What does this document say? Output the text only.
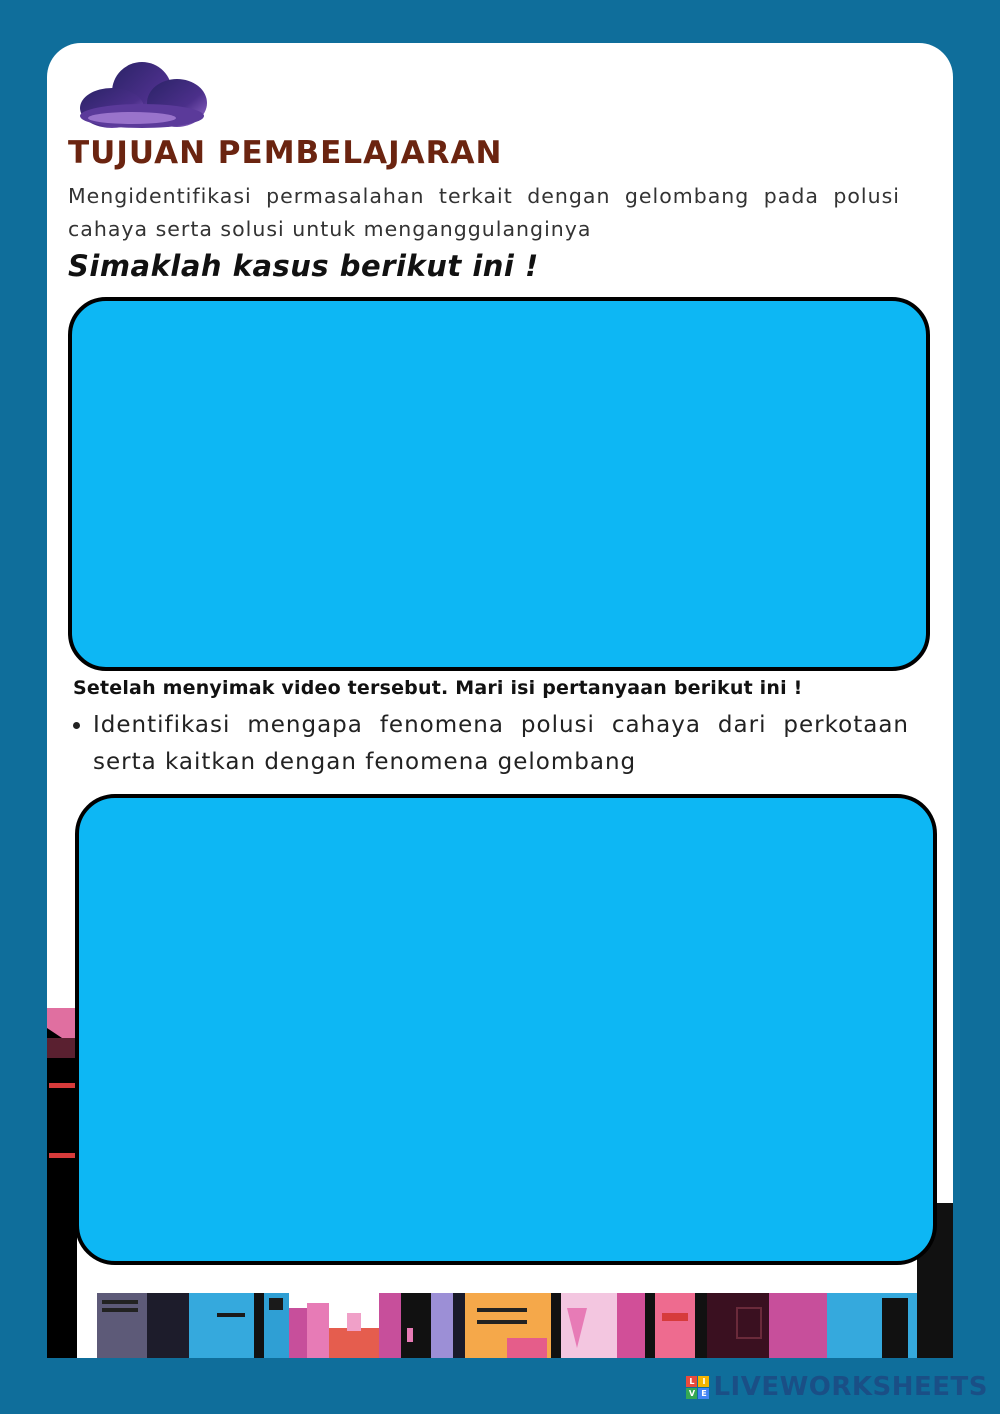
TUJUAN PEMBELAJARAN
Mengidentifikasi permasalahan terkait dengan gelombang pada polusi cahaya serta solusi untuk menganggulanginya
Simaklah kasus berikut ini !
Setelah menyimak video tersebut. Mari isi pertanyaan berikut ini !
• Identifikasi mengapa fenomena polusi cahaya dari perkotaan serta kaitkan dengan fenomena gelombang
L I
V E LIVEWORKSHEETS
